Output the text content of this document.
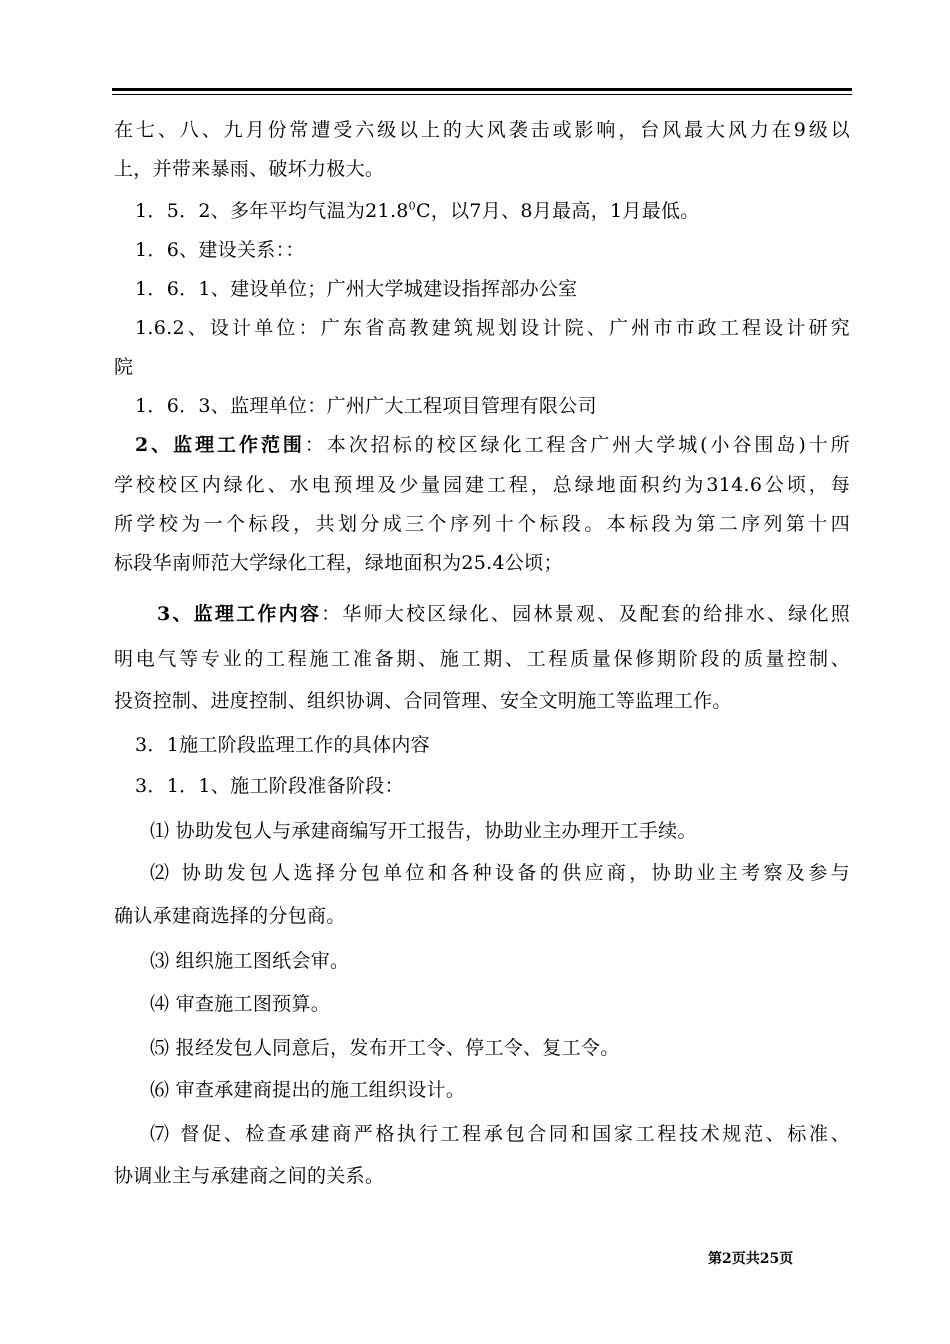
在七、八、九月份常遭受六级以上的大风袭击或影响，台风最大风力在9级以
上，并带来暴雨、破坏力极大。
1．5．2、多年平均气温为21.8$^0$C，以7月、8月最高，1月最低。
1．6、建设关系：：
1．6．1、建设单位；广州大学城建设指挥部办公室
1.6.2、设计单位：广东省高教建筑规划设计院、广州市市政工程设计研究
院
1．6．3、监理单位：广州广大工程项目管理有限公司
2、监理工作范围：本次招标的校区绿化工程含广州大学城(小谷围岛)十所
学校校区内绿化、水电预埋及少量园建工程，总绿地面积约为314.6公顷，每
所学校为一个标段，共划分成三个序列十个标段。本标段为第二序列第十四
标段华南师范大学绿化工程，绿地面积为25.4公顷；
3、监理工作内容：华师大校区绿化、园林景观、及配套的给排水、绿化照
明电气等专业的工程施工准备期、施工期、工程质量保修期阶段的质量控制、
投资控制、进度控制、组织协调、合同管理、安全文明施工等监理工作。
3．1施工阶段监理工作的具体内容
3．1．1、施工阶段准备阶段：
⑴ 协助发包人与承建商编写开工报告，协助业主办理开工手续。
⑵ 协助发包人选择分包单位和各种设备的供应商，协助业主考察及参与
确认承建商选择的分包商。
⑶ 组织施工图纸会审。
⑷ 审查施工图预算。
⑸ 报经发包人同意后，发布开工令、停工令、复工令。
⑹ 审查承建商提出的施工组织设计。
⑺ 督促、检查承建商严格执行工程承包合同和国家工程技术规范、标准、
协调业主与承建商之间的关系。
第2页共25页
